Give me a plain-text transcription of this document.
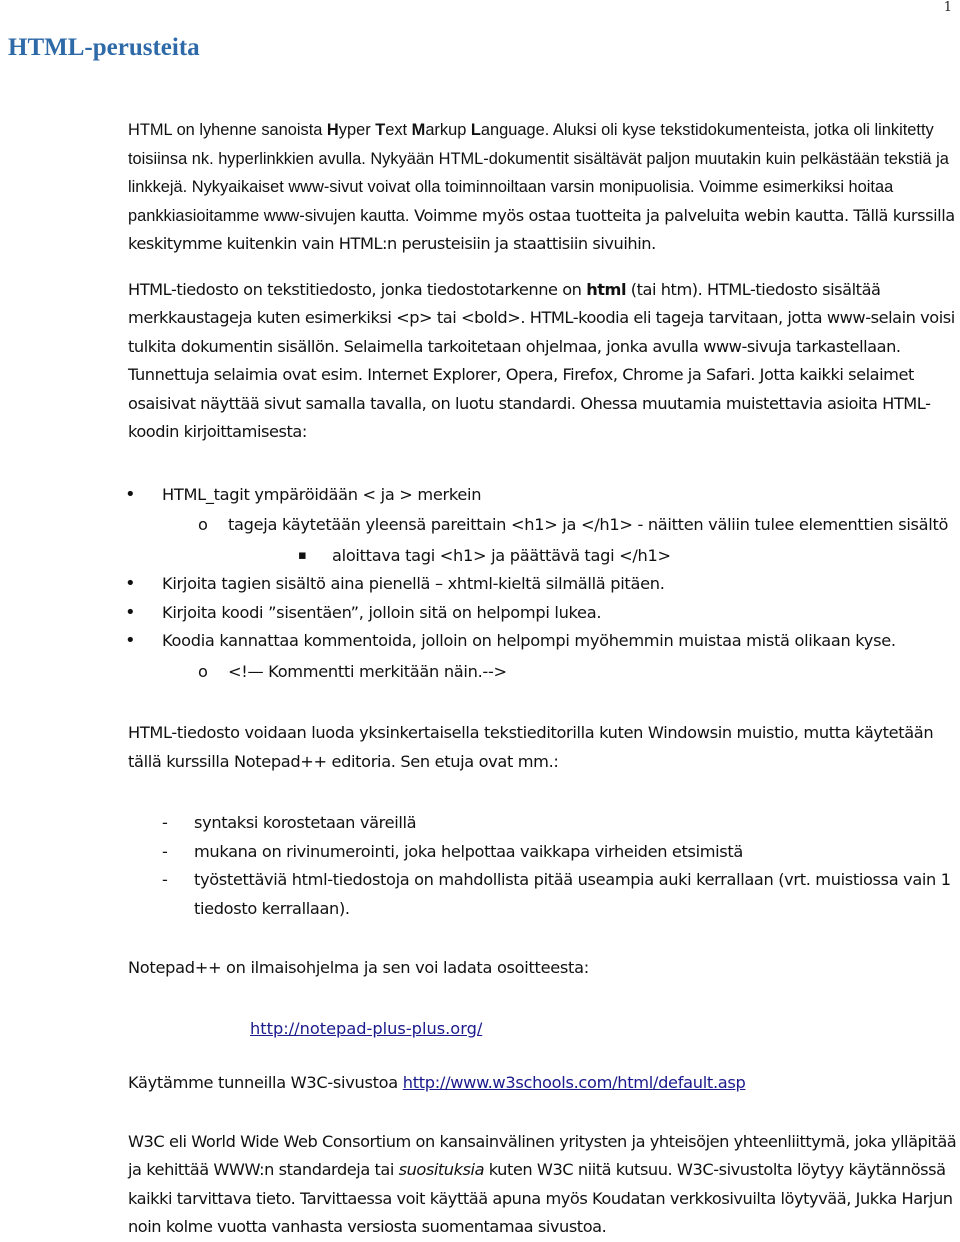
1
HTML-perusteita

HTML on lyhenne sanoista Hyper Text Markup Language. Aluksi oli kyse tekstidokumenteista, jotka oli linkitetty toisiinsa nk. hyperlinkkien avulla. Nykyään HTML-dokumentit sisältävät paljon muutakin kuin pelkästään tekstiä ja linkkejä. Nykyaikaiset www-sivut voivat olla toiminnoiltaan varsin monipuolisia. Voimme esimerkiksi hoitaa pankkiasioitamme www-sivujen kautta. Voimme myös ostaa tuotteita ja palveluita webin kautta. Tällä kurssilla keskitymme kuitenkin vain HTML:n perusteisiin ja staattisiin sivuihin.

HTML-tiedosto on tekstitiedosto, jonka tiedostotarkenne on html (tai htm). HTML-tiedosto sisältää merkkaustageja kuten esimerkiksi <p> tai <bold>. HTML-koodia eli tageja tarvitaan, jotta www-selain voisi tulkita dokumentin sisällön. Selaimella tarkoitetaan ohjelmaa, jonka avulla www-sivuja tarkastellaan. Tunnettuja selaimia ovat esim. Internet Explorer, Opera, Firefox, Chrome ja Safari. Jotta kaikki selaimet osaisivat näyttää sivut samalla tavalla, on luotu standardi. Ohessa muutamia muistettavia asioita HTML-koodin kirjoittamisesta:

• HTML_tagit ympäröidään < ja > merkein
o tageja käytetään yleensä pareittain <h1> ja </h1> - näitten väliin tulee elementtien sisältö
▪ aloittava tagi <h1> ja päättävä tagi </h1>
• Kirjoita tagien sisältö aina pienellä – xhtml-kieltä silmällä pitäen.
• Kirjoita koodi ”sisentäen”, jolloin sitä on helpompi lukea.
• Koodia kannattaa kommentoida, jolloin on helpompi myöhemmin muistaa mistä olikaan kyse.
o <!— Kommentti merkitään näin.-->

HTML-tiedosto voidaan luoda yksinkertaisella tekstieditorilla kuten Windowsin muistio, mutta käytetään tällä kurssilla Notepad++ editoria. Sen etuja ovat mm.:

- syntaksi korostetaan väreillä
- mukana on rivinumerointi, joka helpottaa vaikkapa virheiden etsimistä
- työstettäviä html-tiedostoja on mahdollista pitää useampia auki kerrallaan (vrt. muistiossa vain 1 tiedosto kerrallaan).

Notepad++ on ilmaisohjelma ja sen voi ladata osoitteesta:

http://notepad-plus-plus.org/

Käytämme tunneilla W3C-sivustoa http://www.w3schools.com/html/default.asp

W3C eli World Wide Web Consortium on kansainvälinen yritysten ja yhteisöjen yhteenliittymä, joka ylläpitää ja kehittää WWW:n standardeja tai suosituksia kuten W3C niitä kutsuu. W3C-sivustolta löytyy käytännössä kaikki tarvittava tieto. Tarvittaessa voit käyttää apuna myös Koudatan verkkosivuilta löytyvää, Jukka Harjun noin kolme vuotta vanhasta versiosta suomentamaa sivustoa.
